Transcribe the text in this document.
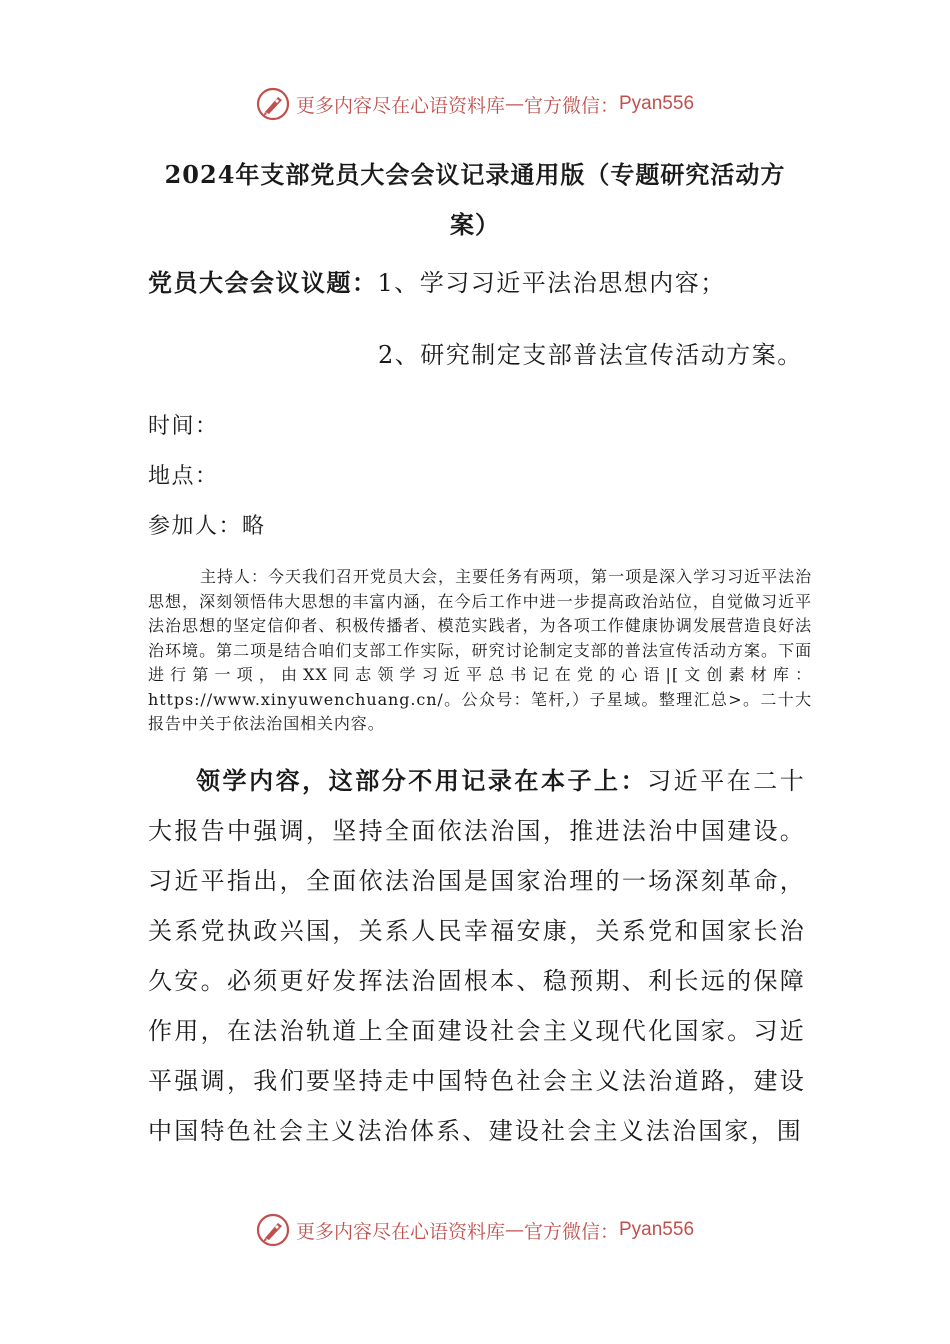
更多内容尽在心语资料库 — 官方微信： Pyan556
2024年支部党员大会会议记录通用版（专题研究活动方案）
党员大会会议议题：1、学习习近平法治思想内容；
2、研究制定支部普法宣传活动方案。
时间：
地点：
参加人：略
主持人：今天我们召开党员大会，主要任务有两项，第一项是深入学习习近平法治思想，深刻领悟伟大思想的丰富内涵，在今后工作中进一步提高政治站位，自觉做习近平法治思想的坚定信仰者、积极传播者、模范实践者，为各项工作健康协调发展营造良好法治环境。第二项是结合咱们支部工作实际，研究讨论制定支部的普法宣传活动方案。下面进行第一项，由XX同志领学习近平总书记在党的心语|[文创素材库：https://www.xinyuwenchuang.cn/。公众号：笔杆,）子星域。整理汇总>。二十大报告中关于依法治国相关内容。
领学内容，这部分不用记录在本子上：习近平在二十大报告中强调，坚持全面依法治国，推进法治中国建设。习近平指出，全面依法治国是国家治理的一场深刻革命，关系党执政兴国，关系人民幸福安康，关系党和国家长治久安。必须更好发挥法治固根本、稳预期、利长远的保障作用，在法治轨道上全面建设社会主义现代化国家。习近平强调，我们要坚持走中国特色社会主义法治道路，建设中国特色社会主义法治体系、建设社会主义法治国家，围
更多内容尽在心语资料库 — 官方微信： Pyan556
